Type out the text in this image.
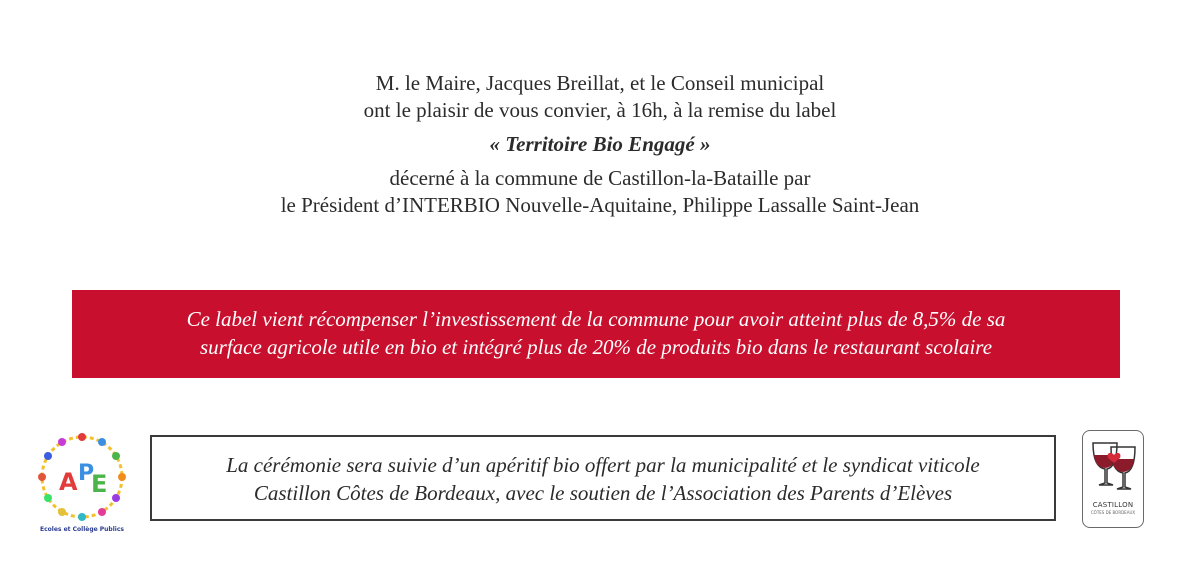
M. le Maire, Jacques Breillat, et le Conseil municipal
ont le plaisir de vous convier, à 16h, à la remise du label
« Territoire Bio Engagé »
décerné à la commune de Castillon-la-Bataille par
le Président d’INTERBIO Nouvelle-Aquitaine, Philippe Lassalle Saint-Jean
Ce label vient récompenser l’investissement de la commune pour avoir atteint plus de 8,5% de sa
surface agricole utile en bio et intégré plus de 20% de produits bio dans le restaurant scolaire
A P
E
Ecoles et Collège Publics
La cérémonie sera suivie d’un apéritif bio offert par la municipalité et le syndicat viticole
Castillon Côtes de Bordeaux, avec le soutien de l’Association des Parents d’Elèves	CASTILLON
CÔTES DE BORDEAUX
